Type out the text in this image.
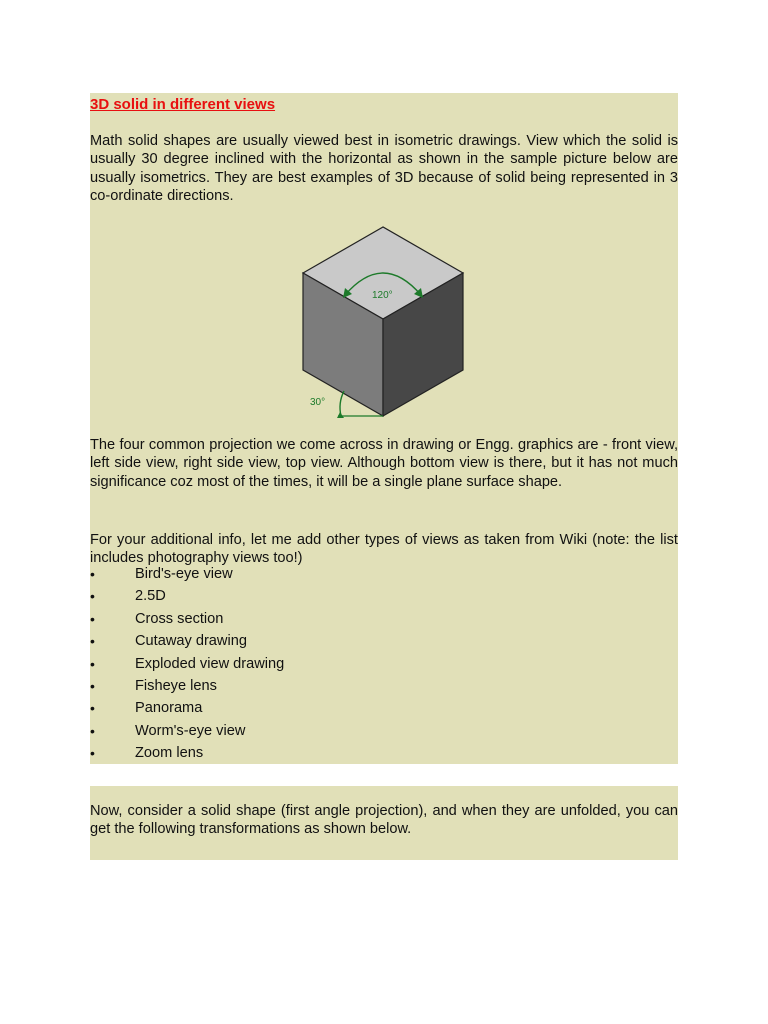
3D solid in different views

Math solid shapes are usually viewed best in isometric drawings. View which the solid is usually 30 degree inclined with the horizontal as shown in the sample picture below are usually isometrics. They are best examples of 3D because of solid being represented in 3 co-ordinate directions.

120°
30°

The four common projection we come across in drawing or Engg. graphics are - front view, left side view, right side view, top view. Although bottom view is there, but it has not much significance coz most of the times, it will be a single plane surface shape.

For your additional info, let me add other types of views as taken from Wiki (note: the list includes photography views too!)

•	Bird's-eye view
•	2.5D
•	Cross section
•	Cutaway drawing
•	Exploded view drawing
•	Fisheye lens
•	Panorama
•	Worm's-eye view
•	Zoom lens

Now, consider a solid shape (first angle projection), and when they are unfolded, you can get the following transformations as shown below.
